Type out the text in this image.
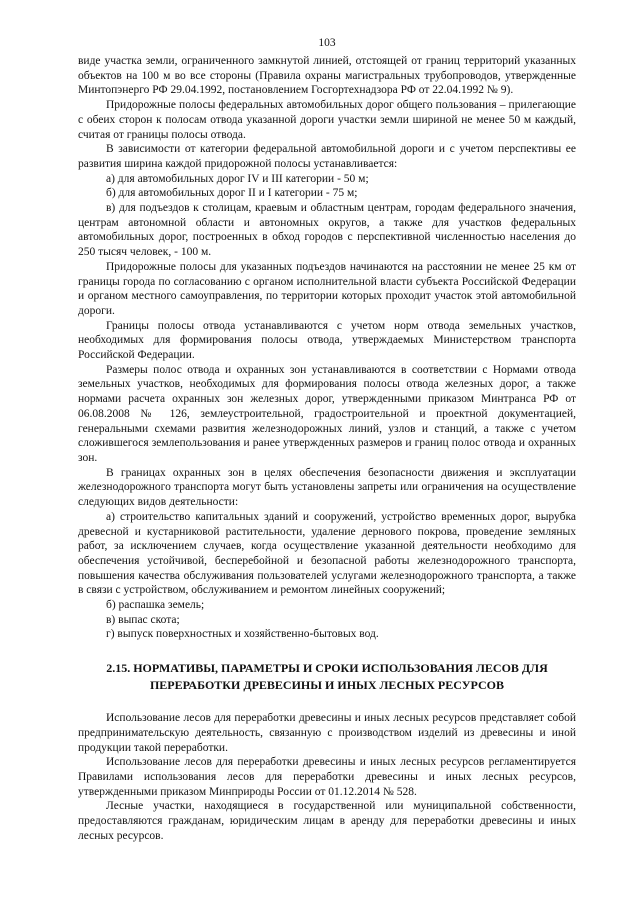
103

виде участка земли, ограниченного замкнутой линией, отстоящей от границ территорий указанных объектов на 100 м во все стороны (Правила охраны магистральных трубопроводов, утвержденные Минтопэнерго РФ 29.04.1992, постановлением Госгортехнадзора РФ от 22.04.1992 № 9).

Придорожные полосы федеральных автомобильных дорог общего пользования – прилегающие с обеих сторон к полосам отвода указанной дороги участки земли шириной не менее 50 м каждый, считая от границы полосы отвода.

В зависимости от категории федеральной автомобильной дороги и с учетом перспективы ее развития ширина каждой придорожной полосы устанавливается:

а) для автомобильных дорог IV и III категории - 50 м;

б) для автомобильных дорог II и I категории - 75 м;

в) для подъездов к столицам, краевым и областным центрам, городам федерального значения, центрам автономной области и автономных округов, а также для участков федеральных автомобильных дорог, построенных в обход городов с перспективной численностью населения до 250 тысяч человек, - 100 м.

Придорожные полосы для указанных подъездов начинаются на расстоянии не менее 25 км от границы города по согласованию с органом исполнительной власти субъекта Российской Федерации и органом местного самоуправления, по территории которых проходит участок этой автомобильной дороги.

Границы полосы отвода устанавливаются с учетом норм отвода земельных участков, необходимых для формирования полосы отвода, утверждаемых Министерством транспорта Российской Федерации.

Размеры полос отвода и охранных зон устанавливаются в соответствии с Нормами отвода земельных участков, необходимых для формирования полосы отвода железных дорог, а также нормами расчета охранных зон железных дорог, утвержденными приказом Минтранса РФ от 06.08.2008 № 126, землеустроительной, градостроительной и проектной документацией, генеральными схемами развития железнодорожных линий, узлов и станций, а также с учетом сложившегося землепользования и ранее утвержденных размеров и границ полос отвода и охранных зон.

В границах охранных зон в целях обеспечения безопасности движения и эксплуатации железнодорожного транспорта могут быть установлены запреты или ограничения на осуществление следующих видов деятельности:

а) строительство капитальных зданий и сооружений, устройство временных дорог, вырубка древесной и кустарниковой растительности, удаление дернового покрова, проведение земляных работ, за исключением случаев, когда осуществление указанной деятельности необходимо для обеспечения устойчивой, бесперебойной и безопасной работы железнодорожного транспорта, повышения качества обслуживания пользователей услугами железнодорожного транспорта, а также в связи с устройством, обслуживанием и ремонтом линейных сооружений;

б) распашка земель;

в) выпас скота;

г) выпуск поверхностных и хозяйственно-бытовых вод.

2.15. НОРМАТИВЫ, ПАРАМЕТРЫ И СРОКИ ИСПОЛЬЗОВАНИЯ ЛЕСОВ ДЛЯ ПЕРЕРАБОТКИ ДРЕВЕСИНЫ И ИНЫХ ЛЕСНЫХ РЕСУРСОВ

Использование лесов для переработки древесины и иных лесных ресурсов представляет собой предпринимательскую деятельность, связанную с производством изделий из древесины и иной продукции такой переработки.

Использование лесов для переработки древесины и иных лесных ресурсов регламентируется Правилами использования лесов для переработки древесины и иных лесных ресурсов, утвержденными приказом Минприроды России от 01.12.2014 № 528.

Лесные участки, находящиеся в государственной или муниципальной собственности, предоставляются гражданам, юридическим лицам в аренду для переработки древесины и иных лесных ресурсов.
